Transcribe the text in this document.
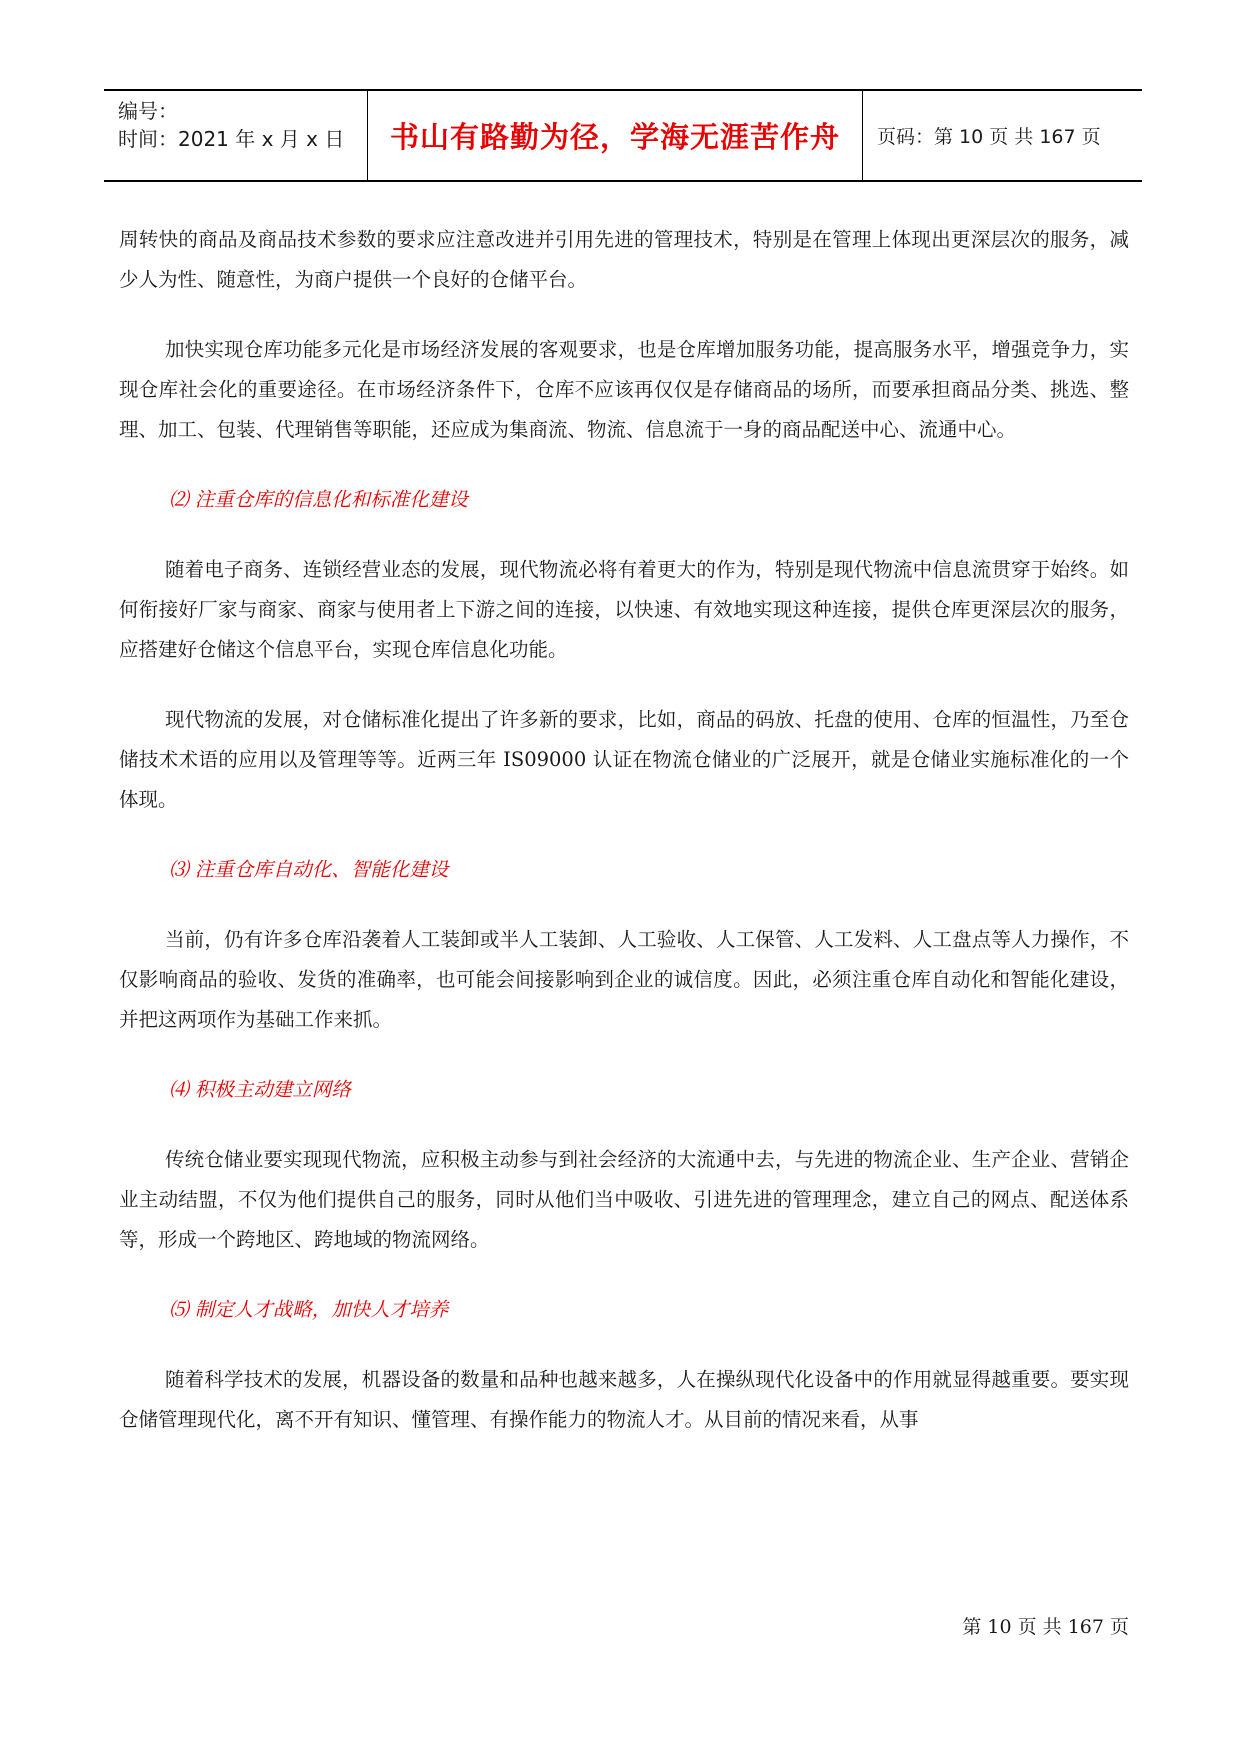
编号：
时间：2021 年 x 月 x 日	书山有路勤为径，学海无涯苦作舟	页码：第 10 页 共 167 页

周转快的商品及商品技术参数的要求应注意改进并引用先进的管理技术，特别是在管理上体现出更深层次的服务，减少人为性、随意性，为商户提供一个良好的仓储平台。

加快实现仓库功能多元化是市场经济发展的客观要求，也是仓库增加服务功能，提高服务水平，增强竞争力，实现仓库社会化的重要途径。在市场经济条件下，仓库不应该再仅仅是存储商品的场所，而要承担商品分类、挑选、整理、加工、包装、代理销售等职能，还应成为集商流、物流、信息流于一身的商品配送中心、流通中心。

⑵ 注重仓库的信息化和标准化建设

随着电子商务、连锁经营业态的发展，现代物流必将有着更大的作为，特别是现代物流中信息流贯穿于始终。如何衔接好厂家与商家、商家与使用者上下游之间的连接，以快速、有效地实现这种连接，提供仓库更深层次的服务，应搭建好仓储这个信息平台，实现仓库信息化功能。

现代物流的发展，对仓储标准化提出了许多新的要求，比如，商品的码放、托盘的使用、仓库的恒温性，乃至仓储技术术语的应用以及管理等等。近两三年 IS09000 认证在物流仓储业的广泛展开，就是仓储业实施标准化的一个体现。

⑶ 注重仓库自动化、智能化建设

当前，仍有许多仓库沿袭着人工装卸或半人工装卸、人工验收、人工保管、人工发料、人工盘点等人力操作，不仅影响商品的验收、发货的准确率，也可能会间接影响到企业的诚信度。因此，必须注重仓库自动化和智能化建设，并把这两项作为基础工作来抓。

⑷ 积极主动建立网络

传统仓储业要实现现代物流，应积极主动参与到社会经济的大流通中去，与先进的物流企业、生产企业、营销企业主动结盟，不仅为他们提供自己的服务，同时从他们当中吸收、引进先进的管理理念，建立自己的网点、配送体系等，形成一个跨地区、跨地域的物流网络。

⑸ 制定人才战略，加快人才培养

随着科学技术的发展，机器设备的数量和品种也越来越多，人在操纵现代化设备中的作用就显得越重要。要实现仓储管理现代化，离不开有知识、懂管理、有操作能力的物流人才。从目前的情况来看，从事

第 10 页 共 167 页
